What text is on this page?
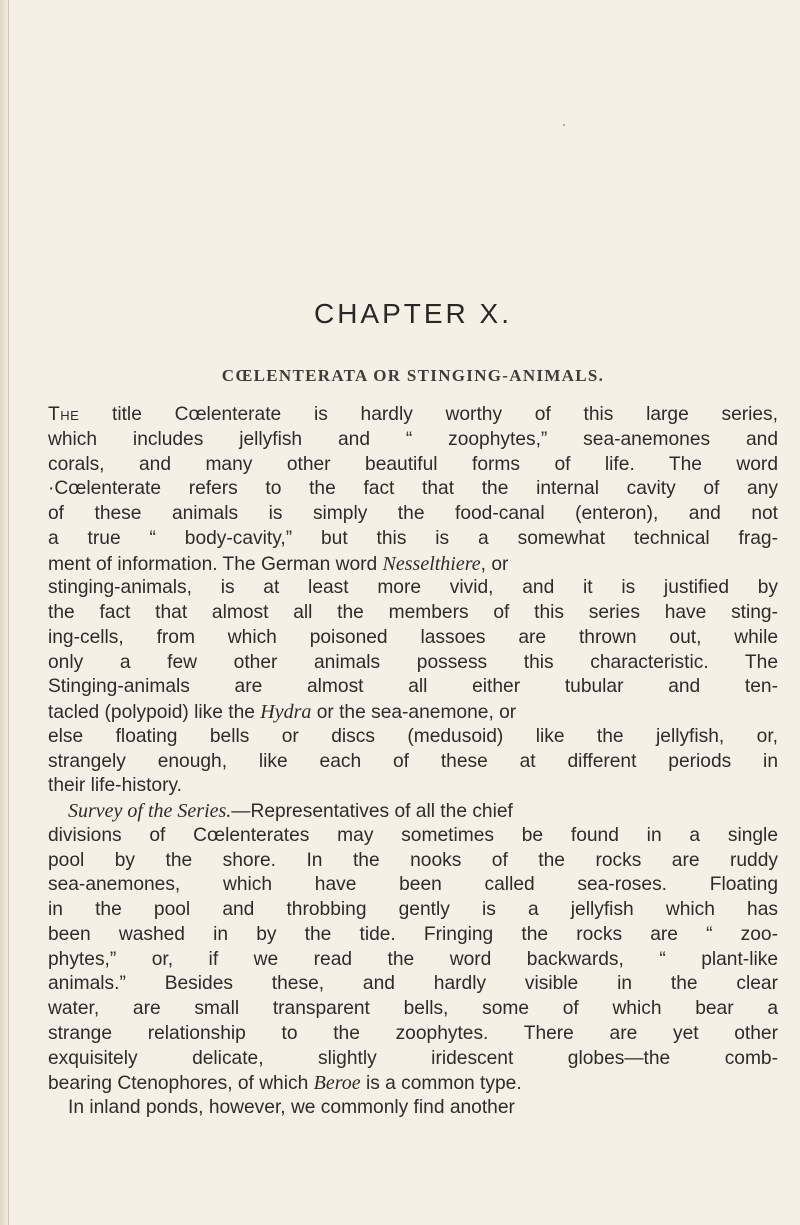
CHAPTER X.
CŒLENTERATA OR STINGING-ANIMALS.
The title Cœlenterate is hardly worthy of this large series,
which includes jellyfish and “ zoophytes,” sea-anemones and
corals, and many other beautiful forms of life. The word
·Cœlenterate refers to the fact that the internal cavity of any
of these animals is simply the food-canal (enteron), and not
a true “ body-cavity,” but this is a somewhat technical frag-
ment of information. The German word Nesselthiere, or
stinging-animals, is at least more vivid, and it is justified by
the fact that almost all the members of this series have sting-
ing-cells, from which poisoned lassoes are thrown out, while
only a few other animals possess this characteristic. The
Stinging-animals are almost all either tubular and ten-
tacled (polypoid) like the Hydra or the sea-anemone, or
else floating bells or discs (medusoid) like the jellyfish, or,
strangely enough, like each of these at different periods in
their life-history.
Survey of the Series.—Representatives of all the chief
divisions of Cœlenterates may sometimes be found in a single
pool by the shore. In the nooks of the rocks are ruddy
sea-anemones, which have been called sea-roses. Floating
in the pool and throbbing gently is a jellyfish which has
been washed in by the tide. Fringing the rocks are “ zoo-
phytes,” or, if we read the word backwards, “ plant-like
animals.” Besides these, and hardly visible in the clear
water, are small transparent bells, some of which bear a
strange relationship to the zoophytes. There are yet other
exquisitely delicate, slightly iridescent globes—the comb-
bearing Ctenophores, of which Beroe is a common type.
In inland ponds, however, we commonly find another
